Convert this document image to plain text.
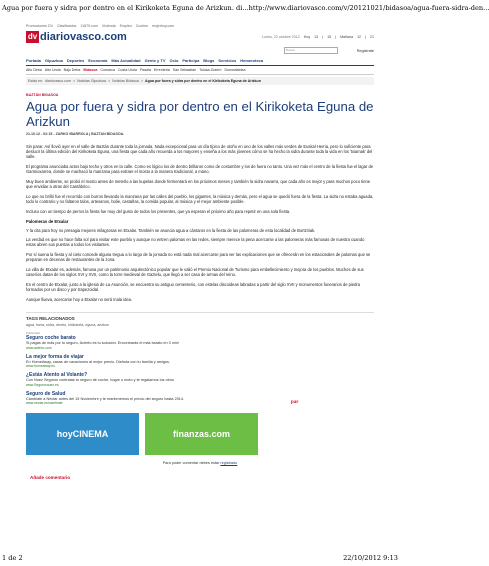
Agua por fuera y sidra por dentro en el Kirikoketa Eguna de Arizkun. di... http://www.diariovasco.com/v/20121021/bidasoa/agua-fuera-sidra-den...
Promociones DV Clasificados 11870.com Vivienda Empleo Coches mujerhoy.com
dv diariovasco.com	Lunes, 22 octubre 2012 Hoy 13 | 15 | Mañana 12 | 21
Buscar	Registrate
Portada Gipuzkoa Deportes Economía Más Actualidad Gente y TV Ocio Participa Blogs Servicios Hemeroteca
Alto Deba Alto Urola Bajo Deba Bidasoa Comarca Costa Urola Pasaia Errenteria San Sebastián Tolosa-Goierri Donostialdea
Estás en: diariovasco.com > Noticias Gipuzkoa > Noticias Bidasoa > Agua por fuera y sidra por dentro en el Kirikoketa Eguna de Arizkun
BAZTÁN BIDASOA
Agua por fuera y sidra por dentro en el Kirikoketa Eguna de Arizkun
21.10.12 - 02:15 - ZARKO IBARROLA | BAZTAN BIDASOA.

Sin parar. Así llovió ayer en el valle de Baztán durante toda la jornada. Nada excepcional para un día típico de otoño en uno de los valles más verdes de Euskal Herria, pero lo suficiente para deslucir la última edición del Kirikoketa Eguna, una fiesta que cada año recuerda a los mayores y enseña a los más jóvenes cómo se ha hecho la sidra durante toda la vida en los 'txiamak' del valle.

El programa anunciaba actos bajo techo y otros en la calle. Como es lógico los de dentro brillaron como de costumbre y los de fuera no tanto. Una vez más el centro de la fiesta fue el lagar de Garmioxarrea, donde se machacó la manzana para extraer el mosto a la manera tradicional, a mano.

Muy buen ambiente, se probó el mosto antes de meterlo a las kupelas donde fermentará en los próximos meses y también la sidra navarra, que cada año es mejor y para muchos poco tiene que envidiar a otras del Cantábrico.

Lo que no brilló fue el recorrido con burros llevando la manzana por las calles del pueblo, los gigantes, la música y demás, pero el agua se quedó fuera de la fiesta. La sidra no estaba aguada, todo lo contrario y no faltaron talos, artesanos, bolie, castañas, la comida popular, al música y el mejor ambiente posible.

Incluso con un tiempo de perros la fiesta fue muy del gusto de todos los presentes, que ya esperan el próximo año para repetir en una sola fiesta.

Palomeras de Etxalar

Y la cita para hoy no presagia mejores milagrosas en Etxalar. También se anuncia agua a cántaros en la fiesta de las palomeras de esta localidad de Bortziriak.

La verdad es que no hace falta sol para visitar este pueblo y aunque no entren palomas en las redes, siempre merece la pena acercarse a las palomeras más famosas de nuestra cuando estas abren sus puertas a todos los visitantes.

Por sí suena la fiesta y al cielo concede alguna tregua a lo largo de la jornada no está nada mal acercarse para ver las explicaciones que se ofrecerán en los estacionales de palomas que se preparan en decenas de restaurantes de la zona.

La villa de Etxalar es, además, famosa por un patrimonio arquitectónico popular que le valió el Premio Nacional de Turismo para embellecimiento y mejora de los pueblos. Muchos de sus caseríos datan de los siglos XVI y XVII, como la torre medieval de Gaztelu, que llegó a ser casa de armas del reino.

En el centro de Etxalar, junto a la iglesia de La Asunción, se encuentra su antiguo cementerio, con estelas discoideas labradas a partir del siglo XVII y monumentos funerarios de piedra formados por un disco y por trapezoidal.

Aunque llueva, acercarse hoy a Etxalar no será mala idea.

TAGS RELACIONADOS
agua, fuera, sidra, dentro, kirikoketa, eguna, arizkun
Publicidad
Seguro coche barato
Si pagas de más por tu seguro, Acierto es tu solución. Encontrarás el más barato en 3 min!
www.acierto.com
La mejor forma de viajar
En HomeAway, casas de vacaciones al mejor precio. Disfruta con tu familia y amigos.
www.homeaway.es
¿Estás Atento al Volante?
Con Nuez Seguros contratas tu seguro de coche, hogar o moto y te regalamos los otros
www.Segurosnuez.es
Seguro de Salud
Cámbiate a Néctar antes del 15 Noviembre y te mantenemos el precio del seguro hasta 2014.
www.nectar.es/cambiate
hoyCINEMA	finanzas.com
Para poder comentar debes estar registrado
Añade comentario
par
1 de 2	22/10/2012 9:13
